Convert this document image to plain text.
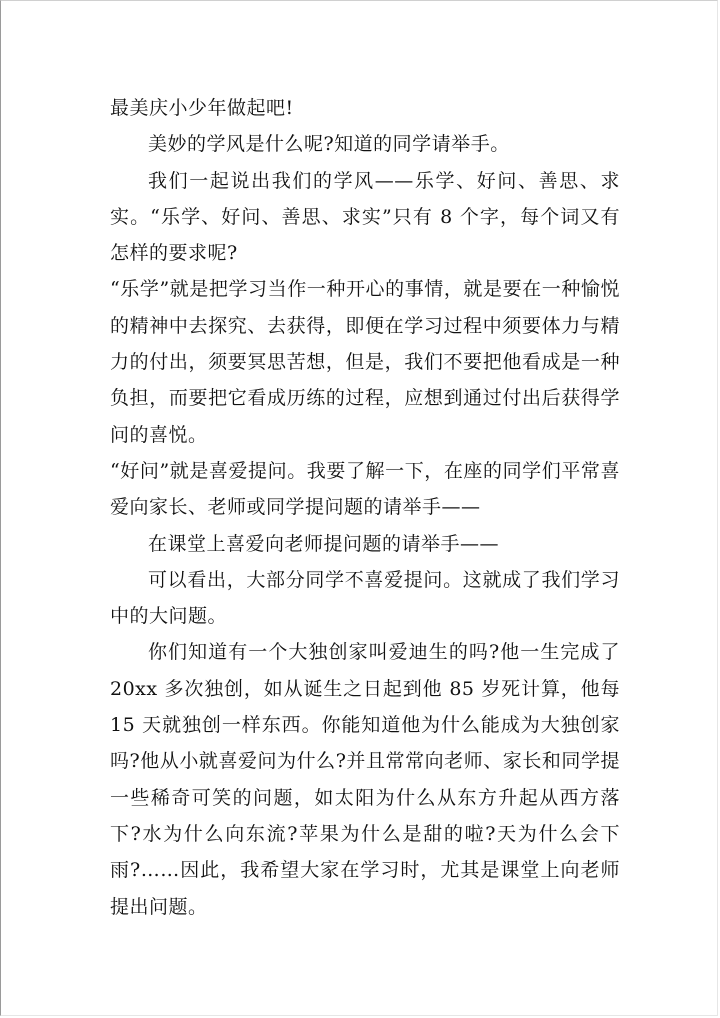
最美庆小少年做起吧!

美妙的学风是什么呢?知道的同学请举手。

我们一起说出我们的学风——乐学、好问、善思、求实。“乐学、好问、善思、求实”只有 8 个字，每个词又有怎样的要求呢?

“乐学”就是把学习当作一种开心的事情，就是要在一种愉悦的精神中去探究、去获得，即便在学习过程中须要体力与精力的付出，须要冥思苦想，但是，我们不要把他看成是一种负担，而要把它看成历练的过程，应想到通过付出后获得学问的喜悦。

“好问”就是喜爱提问。我要了解一下，在座的同学们平常喜爱向家长、老师或同学提问题的请举手——

在课堂上喜爱向老师提问题的请举手——

可以看出，大部分同学不喜爱提问。这就成了我们学习中的大问题。

你们知道有一个大独创家叫爱迪生的吗?他一生完成了 20xx 多次独创，如从诞生之日起到他 85 岁死计算，他每 15 天就独创一样东西。你能知道他为什么能成为大独创家吗?他从小就喜爱问为什么?并且常常向老师、家长和同学提一些稀奇可笑的问题，如太阳为什么从东方升起从西方落下?水为什么向东流?苹果为什么是甜的啦?天为什么会下雨?……因此，我希望大家在学习时，尤其是课堂上向老师提出问题。
